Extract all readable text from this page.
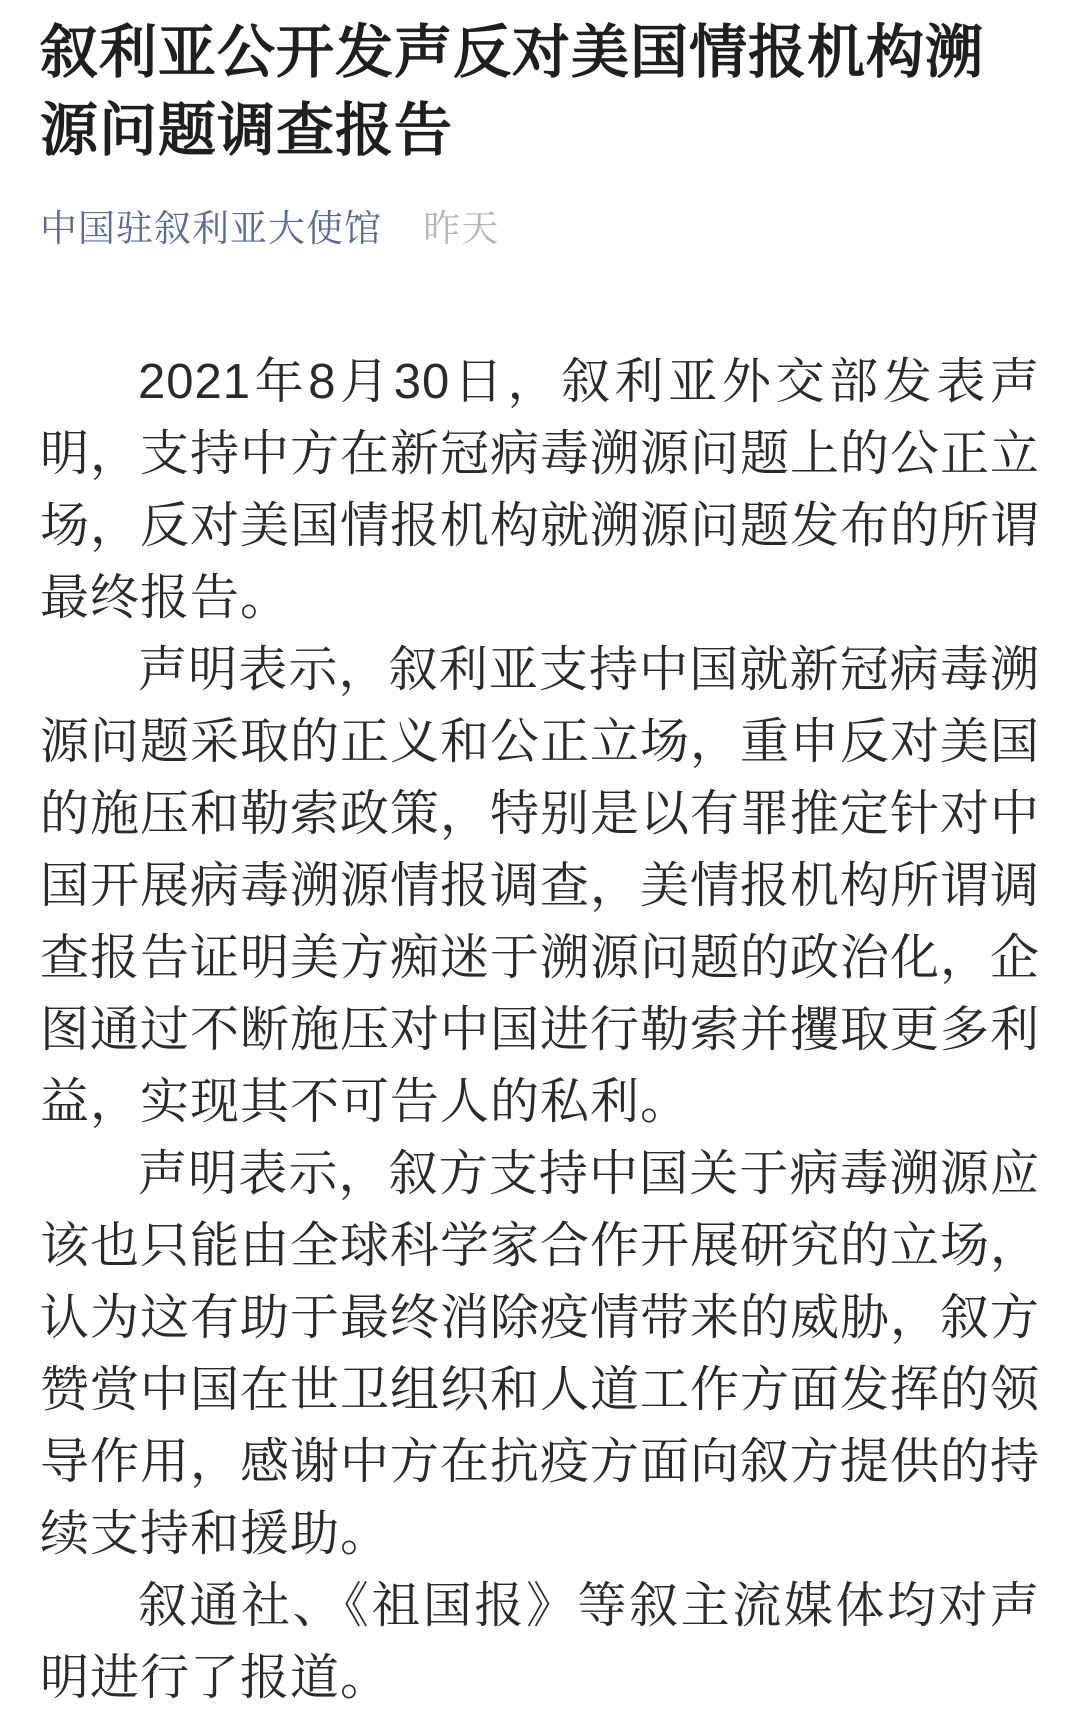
叙利亚公开发声反对美国情报机构溯源问题调查报告
中国驻叙利亚大使馆 昨天

2021年8月30日，叙利亚外交部发表声明，支持中方在新冠病毒溯源问题上的公正立场，反对美国情报机构就溯源问题发布的所谓最终报告。

声明表示，叙利亚支持中国就新冠病毒溯源问题采取的正义和公正立场，重申反对美国的施压和勒索政策，特别是以有罪推定针对中国开展病毒溯源情报调查，美情报机构所谓调查报告证明美方痴迷于溯源问题的政治化，企图通过不断施压对中国进行勒索并攫取更多利益，实现其不可告人的私利。

声明表示，叙方支持中国关于病毒溯源应该也只能由全球科学家合作开展研究的立场，认为这有助于最终消除疫情带来的威胁，叙方赞赏中国在世卫组织和人道工作方面发挥的领导作用，感谢中方在抗疫方面向叙方提供的持续支持和援助。

叙通社、《祖国报》等叙主流媒体均对声明进行了报道。
